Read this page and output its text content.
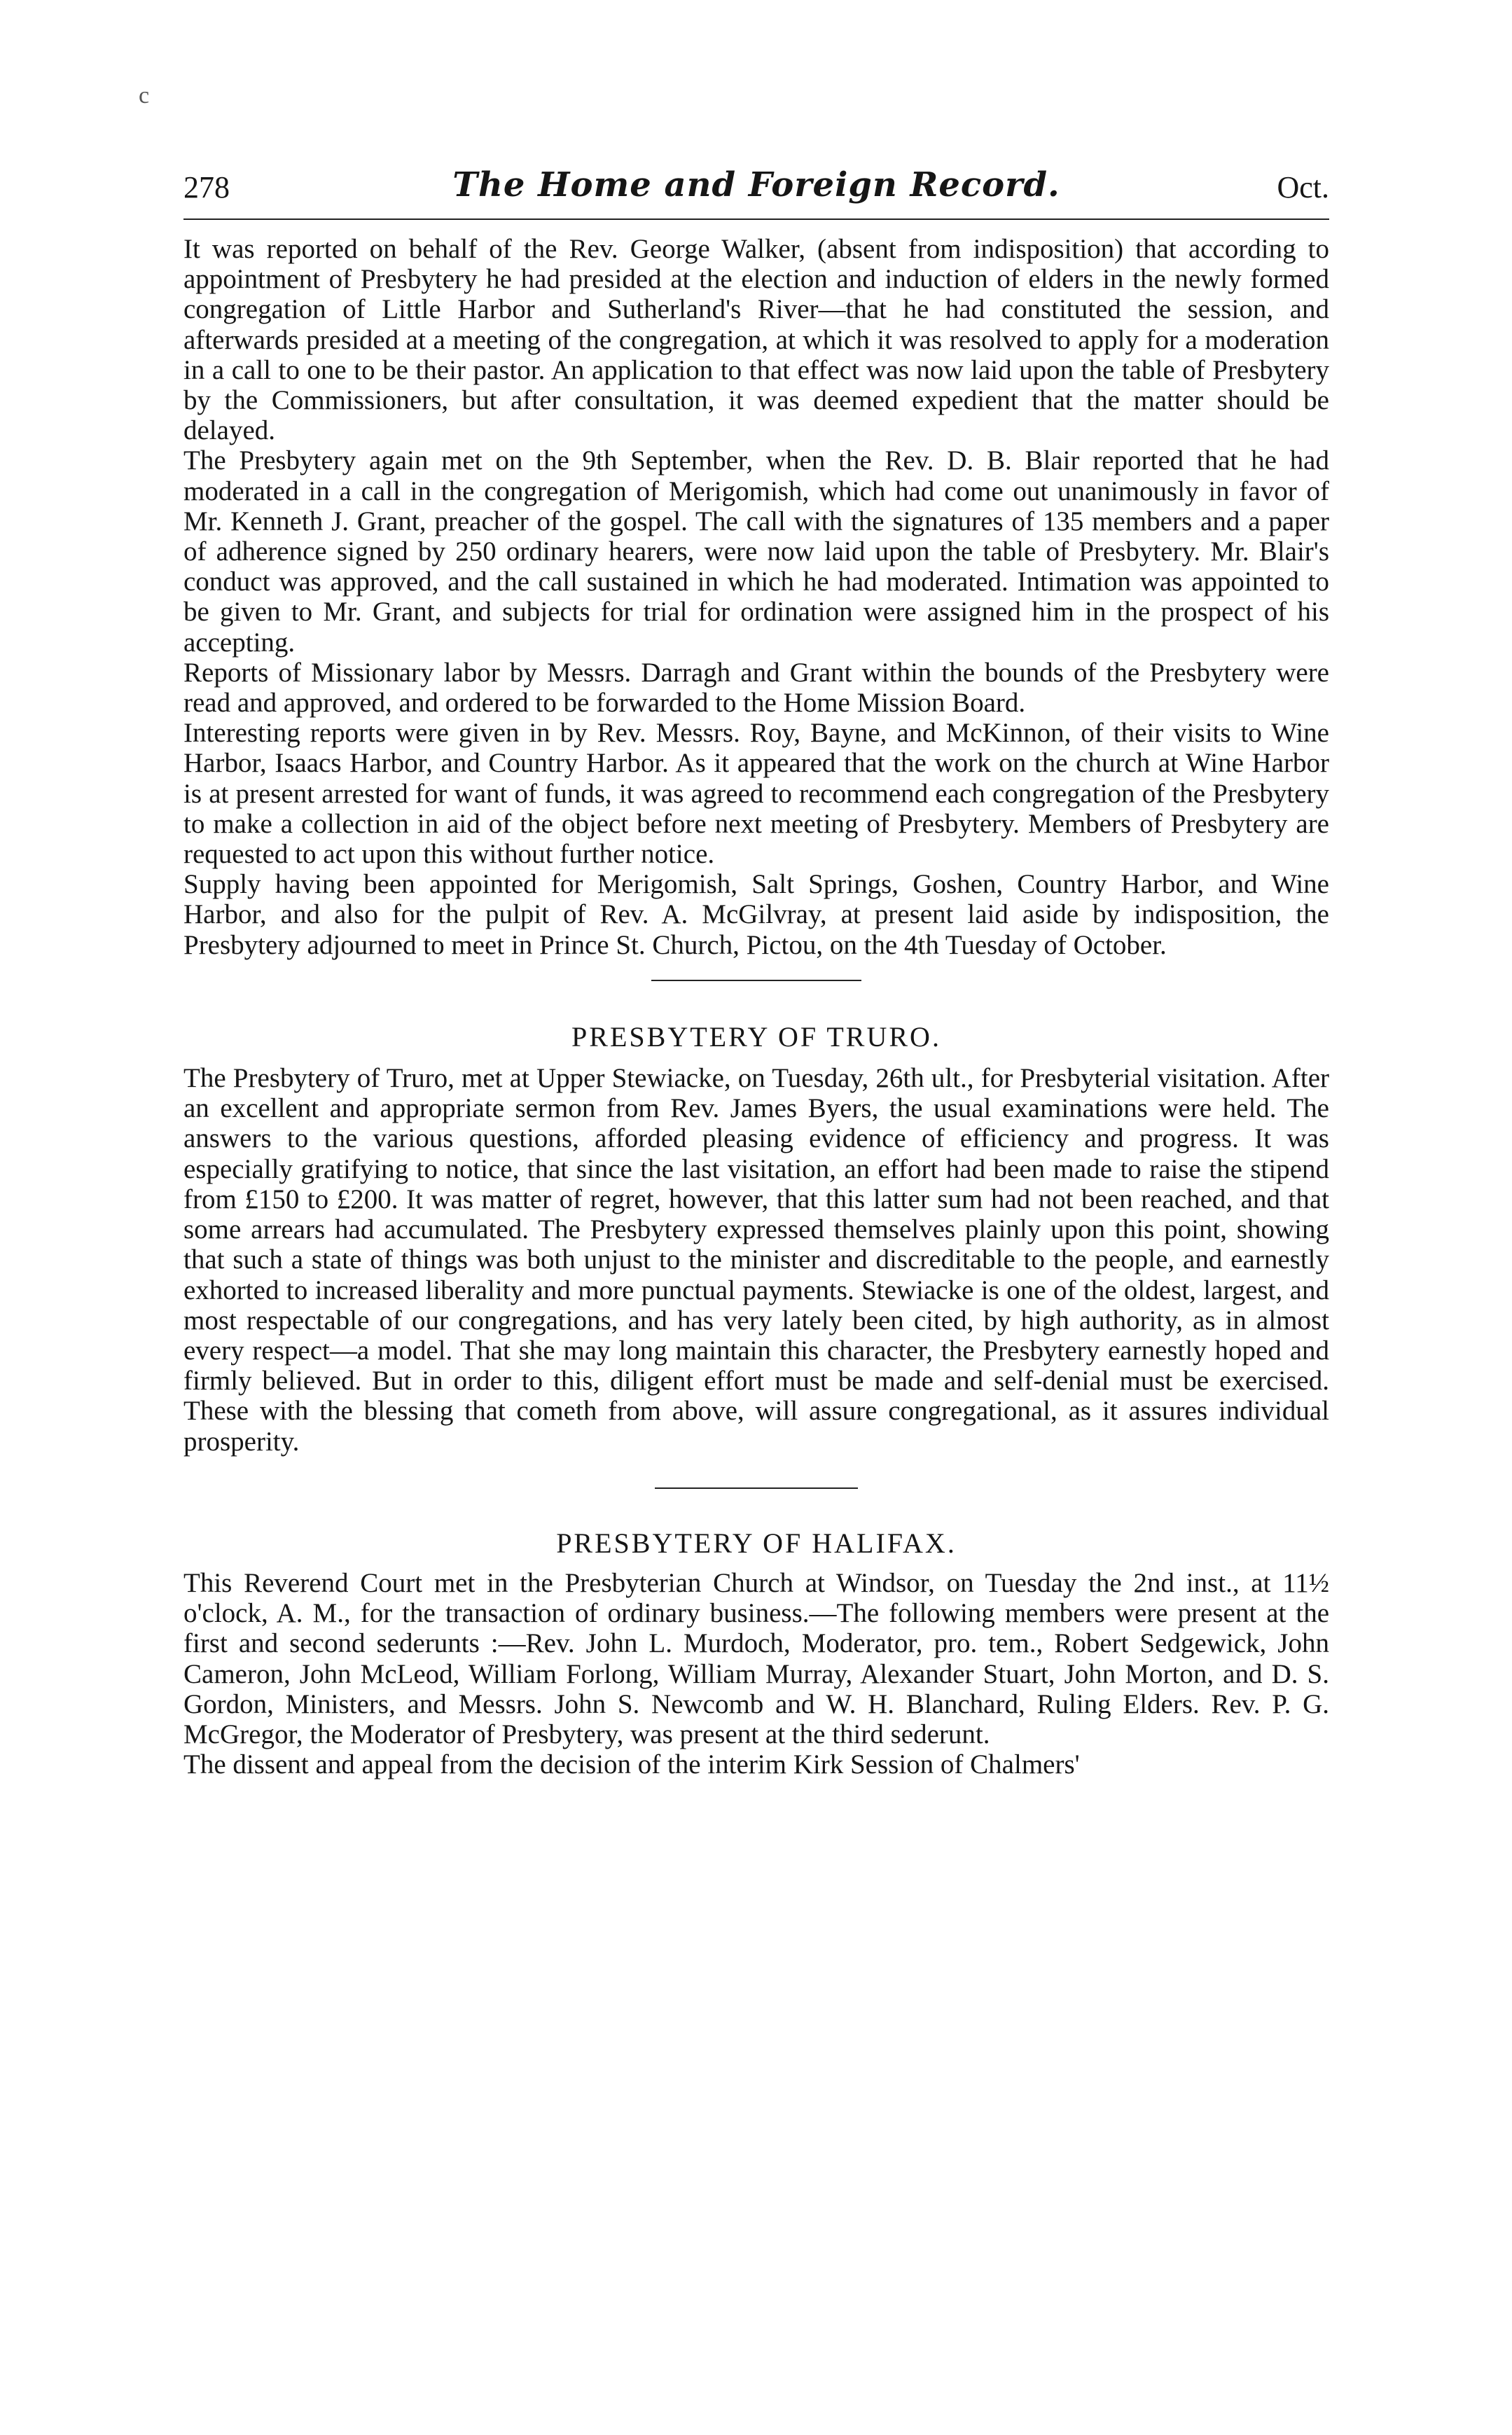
c
278	The Home and Foreign Record.	Oct.

It was reported on behalf of the Rev. George Walker, (absent from indisposition) that according to appointment of Presbytery he had presided at the election and induction of elders in the newly formed congregation of Little Harbor and Sutherland's River—that he had constituted the session, and afterwards presided at a meeting of the congregation, at which it was resolved to apply for a moderation in a call to one to be their pastor. An application to that effect was now laid upon the table of Presbytery by the Commissioners, but after consultation, it was deemed expedient that the matter should be delayed.

The Presbytery again met on the 9th September, when the Rev. D. B. Blair reported that he had moderated in a call in the congregation of Merigomish, which had come out unanimously in favor of Mr. Kenneth J. Grant, preacher of the gospel. The call with the signatures of 135 members and a paper of adherence signed by 250 ordinary hearers, were now laid upon the table of Presbytery. Mr. Blair's conduct was approved, and the call sustained in which he had moderated. Intimation was appointed to be given to Mr. Grant, and subjects for trial for ordination were assigned him in the prospect of his accepting.

Reports of Missionary labor by Messrs. Darragh and Grant within the bounds of the Presbytery were read and approved, and ordered to be forwarded to the Home Mission Board.

Interesting reports were given in by Rev. Messrs. Roy, Bayne, and McKinnon, of their visits to Wine Harbor, Isaacs Harbor, and Country Harbor. As it appeared that the work on the church at Wine Harbor is at present arrested for want of funds, it was agreed to recommend each congregation of the Presbytery to make a collection in aid of the object before next meeting of Presbytery. Members of Presbytery are requested to act upon this without further notice.

Supply having been appointed for Merigomish, Salt Springs, Goshen, Country Harbor, and Wine Harbor, and also for the pulpit of Rev. A. McGilvray, at present laid aside by indisposition, the Presbytery adjourned to meet in Prince St. Church, Pictou, on the 4th Tuesday of October.

PRESBYTERY OF TRURO.

The Presbytery of Truro, met at Upper Stewiacke, on Tuesday, 26th ult., for Presbyterial visitation. After an excellent and appropriate sermon from Rev. James Byers, the usual examinations were held. The answers to the various questions, afforded pleasing evidence of efficiency and progress. It was especially gratifying to notice, that since the last visitation, an effort had been made to raise the stipend from £150 to £200. It was matter of regret, however, that this latter sum had not been reached, and that some arrears had accumulated. The Presbytery expressed themselves plainly upon this point, showing that such a state of things was both unjust to the minister and discreditable to the people, and earnestly exhorted to increased liberality and more punctual payments. Stewiacke is one of the oldest, largest, and most respectable of our congregations, and has very lately been cited, by high authority, as in almost every respect—a model. That she may long maintain this character, the Presbytery earnestly hoped and firmly believed. But in order to this, diligent effort must be made and self-denial must be exercised. These with the blessing that cometh from above, will assure congregational, as it assures individual prosperity.

PRESBYTERY OF HALIFAX.

This Reverend Court met in the Presbyterian Church at Windsor, on Tuesday the 2nd inst., at 11½ o'clock, A. M., for the transaction of ordinary business.—The following members were present at the first and second sederunts :—Rev. John L. Murdoch, Moderator, pro. tem., Robert Sedgewick, John Cameron, John McLeod, William Forlong, William Murray, Alexander Stuart, John Morton, and D. S. Gordon, Ministers, and Messrs. John S. Newcomb and W. H. Blanchard, Ruling Elders. Rev. P. G. McGregor, the Moderator of Presbytery, was present at the third sederunt.

The dissent and appeal from the decision of the interim Kirk Session of Chalmers'
